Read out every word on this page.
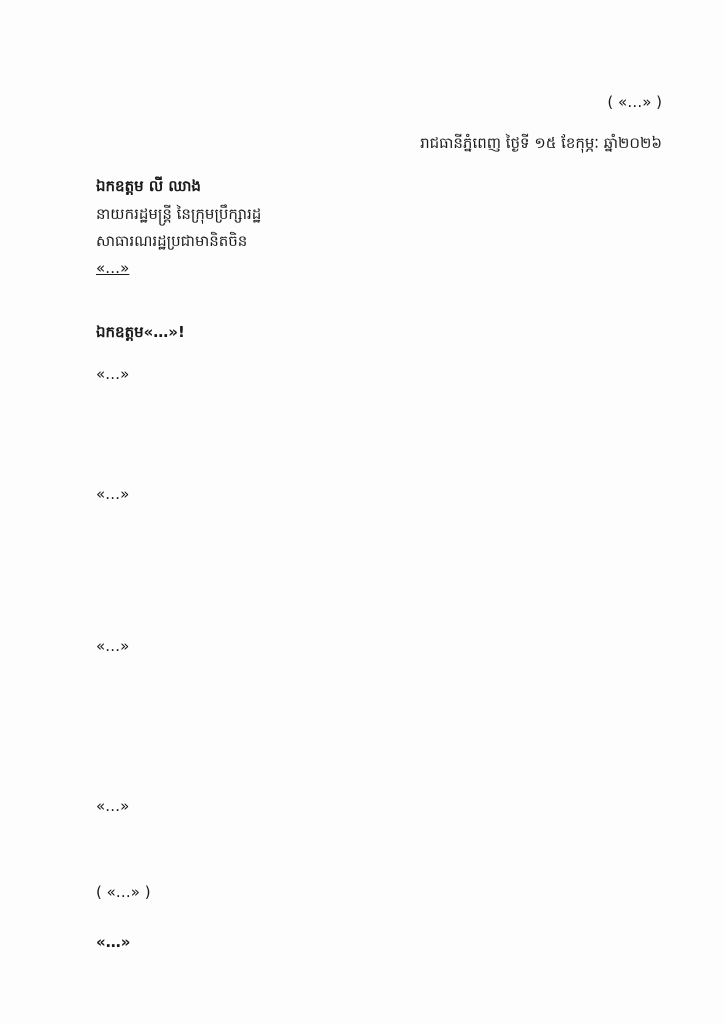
( «…» )
រាជធានីភ្នំពេញ ថ្ងៃទី ១៥ ខែកុម្ភៈ ឆ្នាំ២០២៦
ឯកឧត្តម លី ឈាង
នាយករដ្ឋមន្ត្រី នៃក្រុមប្រឹក្សារដ្ឋ
សាធារណរដ្ឋប្រជាមានិតចិន
«…»
ឯកឧត្តម«…»!
«…»
«…»
«…»
«…»
( «…» )
«…»
